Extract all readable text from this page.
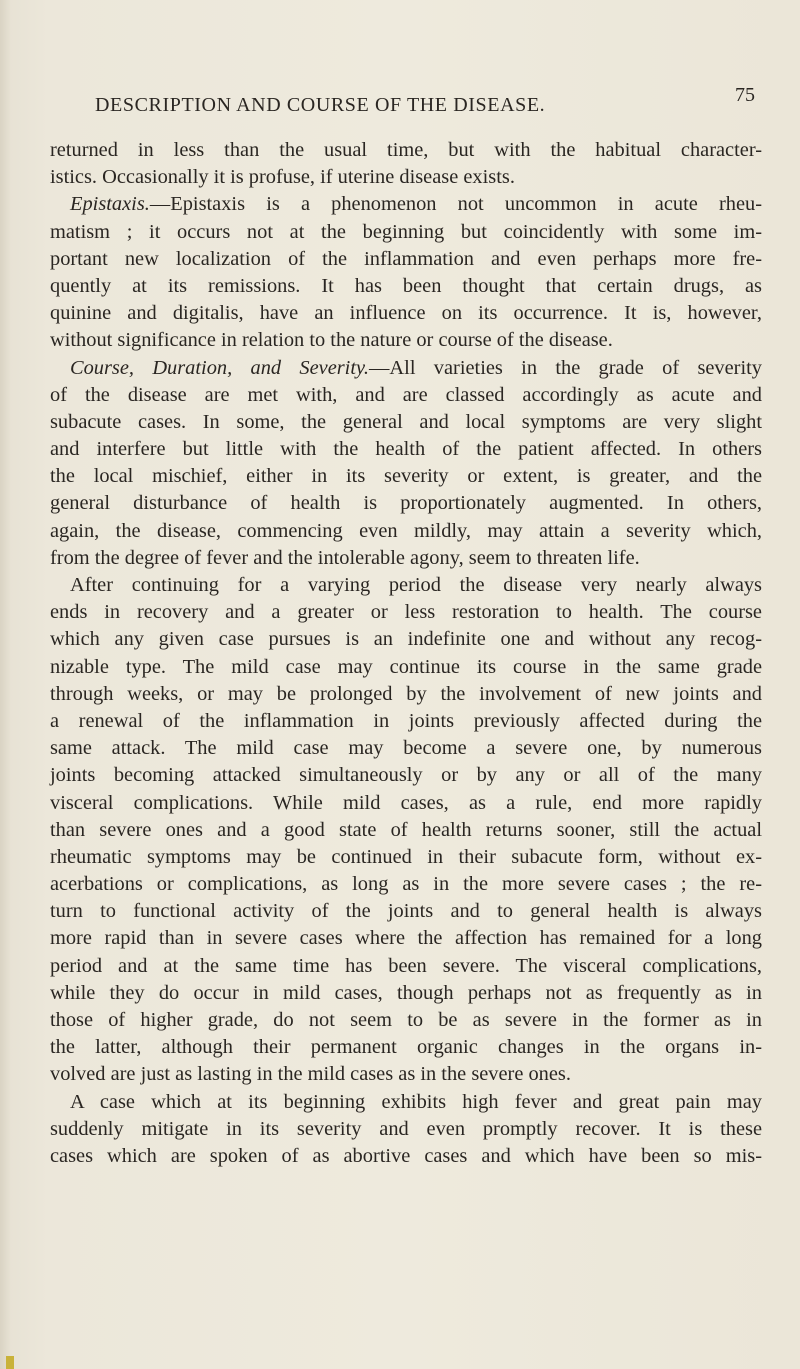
DESCRIPTION AND COURSE OF THE DISEASE.	75
returned in less than the usual time, but with the habitual character-
istics. Occasionally it is profuse, if uterine disease exists.
Epistaxis.—Epistaxis is a phenomenon not uncommon in acute rheu-
matism ; it occurs not at the beginning but coincidently with some im-
portant new localization of the inflammation and even perhaps more fre-
quently at its remissions. It has been thought that certain drugs, as
quinine and digitalis, have an influence on its occurrence. It is, however,
without significance in relation to the nature or course of the disease.
Course, Duration, and Severity.—All varieties in the grade of severity
of the disease are met with, and are classed accordingly as acute and
subacute cases. In some, the general and local symptoms are very slight
and interfere but little with the health of the patient affected. In others
the local mischief, either in its severity or extent, is greater, and the
general disturbance of health is proportionately augmented. In others,
again, the disease, commencing even mildly, may attain a severity which,
from the degree of fever and the intolerable agony, seem to threaten life.
After continuing for a varying period the disease very nearly always
ends in recovery and a greater or less restoration to health. The course
which any given case pursues is an indefinite one and without any recog-
nizable type. The mild case may continue its course in the same grade
through weeks, or may be prolonged by the involvement of new joints and
a renewal of the inflammation in joints previously affected during the
same attack. The mild case may become a severe one, by numerous
joints becoming attacked simultaneously or by any or all of the many
visceral complications. While mild cases, as a rule, end more rapidly
than severe ones and a good state of health returns sooner, still the actual
rheumatic symptoms may be continued in their subacute form, without ex-
acerbations or complications, as long as in the more severe cases ; the re-
turn to functional activity of the joints and to general health is always
more rapid than in severe cases where the affection has remained for a long
period and at the same time has been severe. The visceral complications,
while they do occur in mild cases, though perhaps not as frequently as in
those of higher grade, do not seem to be as severe in the former as in
the latter, although their permanent organic changes in the organs in-
volved are just as lasting in the mild cases as in the severe ones.
A case which at its beginning exhibits high fever and great pain may
suddenly mitigate in its severity and even promptly recover. It is these
cases which are spoken of as abortive cases and which have been so mis-
